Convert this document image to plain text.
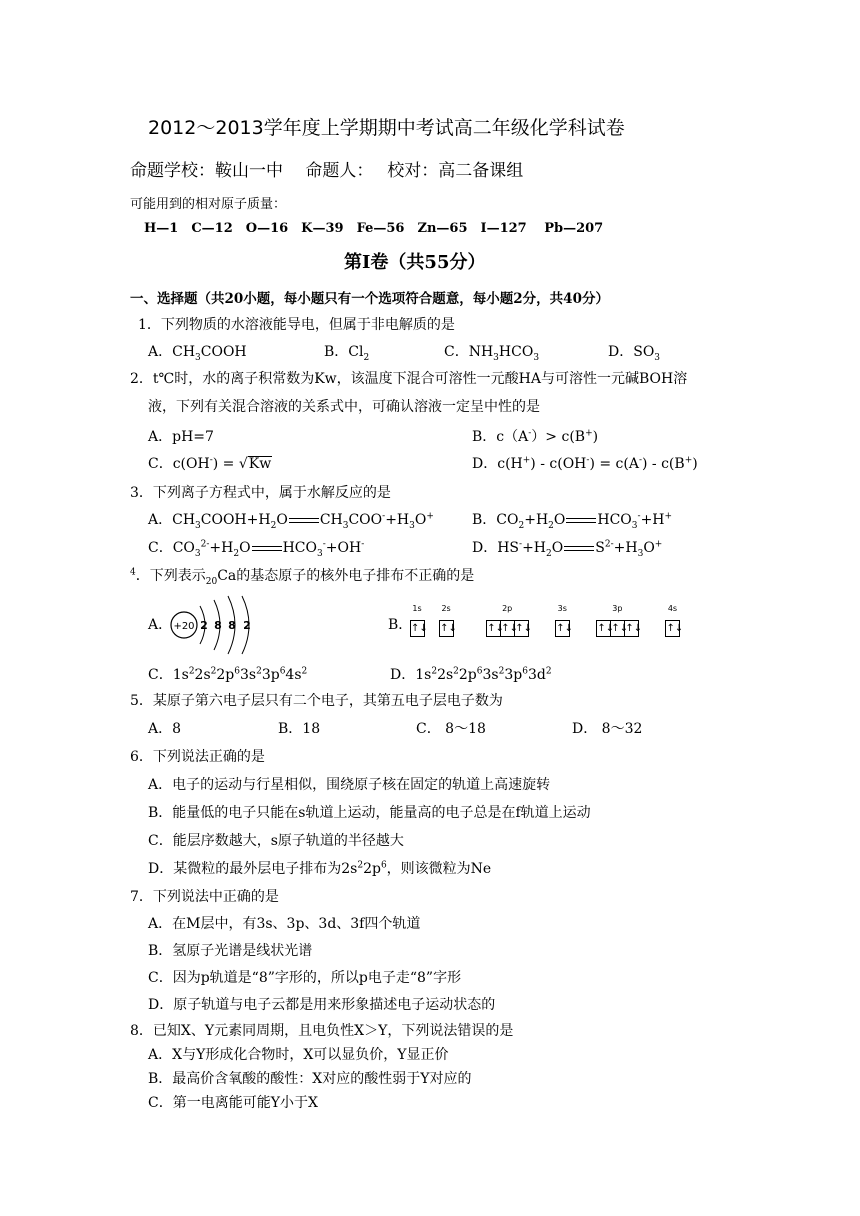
2012～2013学年度上学期期中考试高二年级化学科试卷
命题学校：鞍山一中　 命题人：　 校对：高二备课组
可能用到的相对原子质量：
H—1　C—12　O—16　K—39　Fe—56　Zn—65　I—127　 Pb—207
第Ⅰ卷（共55分）
一、选择题（共20小题，每小题只有一个选项符合题意，每小题2分，共40分）
1．下列物质的水溶液能导电，但属于非电解质的是
A．$CH_3COOH$	B．$Cl_2$	C．$NH_3HCO_3$	D．$SO_3$
2．t℃时，水的离子积常数为Kw，该温度下混合可溶性一元酸HA与可溶性一元碱BOH溶
液，下列有关混合溶液的关系式中，可确认溶液一定呈中性的是
A．pH=7	B．c（A-）> c(B+)
C．c(OH-) = √Kw	D．c(H+) - c(OH-) = c(A-) - c(B+)
3．下列离子方程式中，属于水解反应的是
A．$CH_3COOH+H_2O$ $CH_3COO^-+H_3O^+$	B．$CO_2+H_2O$ $HCO_3^-+H^+$
C．$CO_3^{2-}+H_2O$ $HCO_3^-+OH^-$	D．$HS^-+H_2O$ $S^{2-}+H_3O^+$
$^4$．下列表示$_{20}$Ca的基态原子的核外电子排布不正确的是
A． +20 2 8 8 2	B．
1s
↑↓
2s
↑↓
2p
↑↓↑↓↑↓
3s
↑↓
3p
↑↓↑↓↑↓
4s
↑↓
C．$1s^22s^22p^63s^23p^64s^2$	D．$1s^22s^22p^63s^23p^63d^2$
5．某原子第六电子层只有二个电子，其第五电子层电子数为
A．8	B．18	C． 8～18	D． 8～32
6．下列说法正确的是
A．电子的运动与行星相似，围绕原子核在固定的轨道上高速旋转
B．能量低的电子只能在s轨道上运动，能量高的电子总是在f轨道上运动
C．能层序数越大，s原子轨道的半径越大
D．某微粒的最外层电子排布为$2s^22p^6$，则该微粒为Ne
7．下列说法中正确的是
A．在M层中，有3s、3p、3d、3f四个轨道
B．氢原子光谱是线状光谱
C．因为p轨道是“8”字形的，所以p电子走“8”字形
D．原子轨道与电子云都是用来形象描述电子运动状态的
8．已知X、Y元素同周期，且电负性X＞Y，下列说法错误的是
A．X与Y形成化合物时，X可以显负价，Y显正价
B．最高价含氧酸的酸性：X对应的酸性弱于Y对应的
C．第一电离能可能Y小于X
